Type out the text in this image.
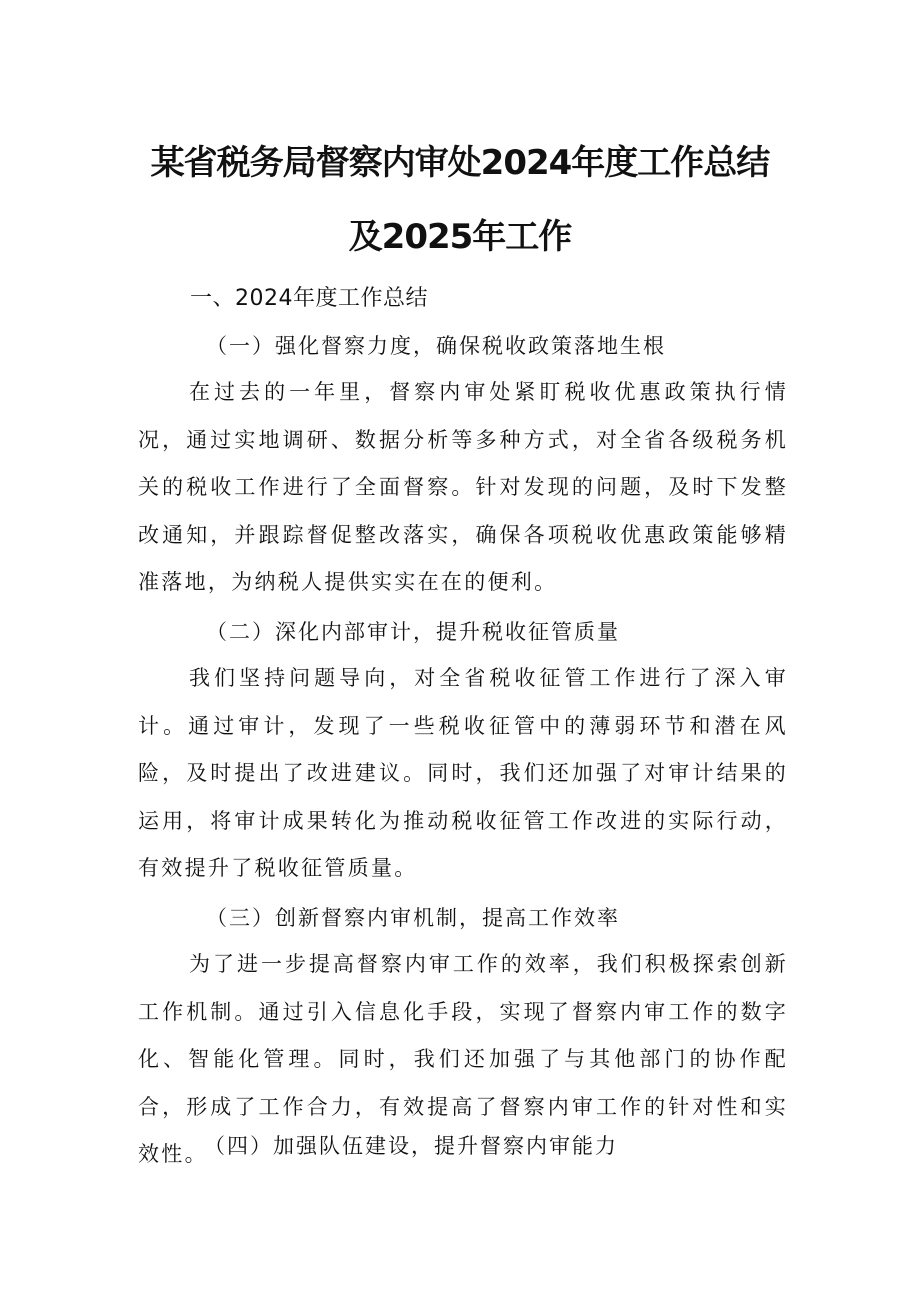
某省税务局督察内审处2024年度工作总结
及2025年工作
一、2024年度工作总结
（一）强化督察力度，确保税收政策落地生根

在过去的一年里，督察内审处紧盯税收优惠政策执行情况，通过实地调研、数据分析等多种方式，对全省各级税务机关的税收工作进行了全面督察。针对发现的问题，及时下发整改通知，并跟踪督促整改落实，确保各项税收优惠政策能够精准落地，为纳税人提供实实在在的便利。

（二）深化内部审计，提升税收征管质量

我们坚持问题导向，对全省税收征管工作进行了深入审计。通过审计，发现了一些税收征管中的薄弱环节和潜在风险，及时提出了改进建议。同时，我们还加强了对审计结果的运用，将审计成果转化为推动税收征管工作改进的实际行动，有效提升了税收征管质量。

（三）创新督察内审机制，提高工作效率

为了进一步提高督察内审工作的效率，我们积极探索创新工作机制。通过引入信息化手段，实现了督察内审工作的数字化、智能化管理。同时，我们还加强了与其他部门的协作配合，形成了工作合力，有效提高了督察内审工作的针对性和实效性。

（四）加强队伍建设，提升督察内审能力
